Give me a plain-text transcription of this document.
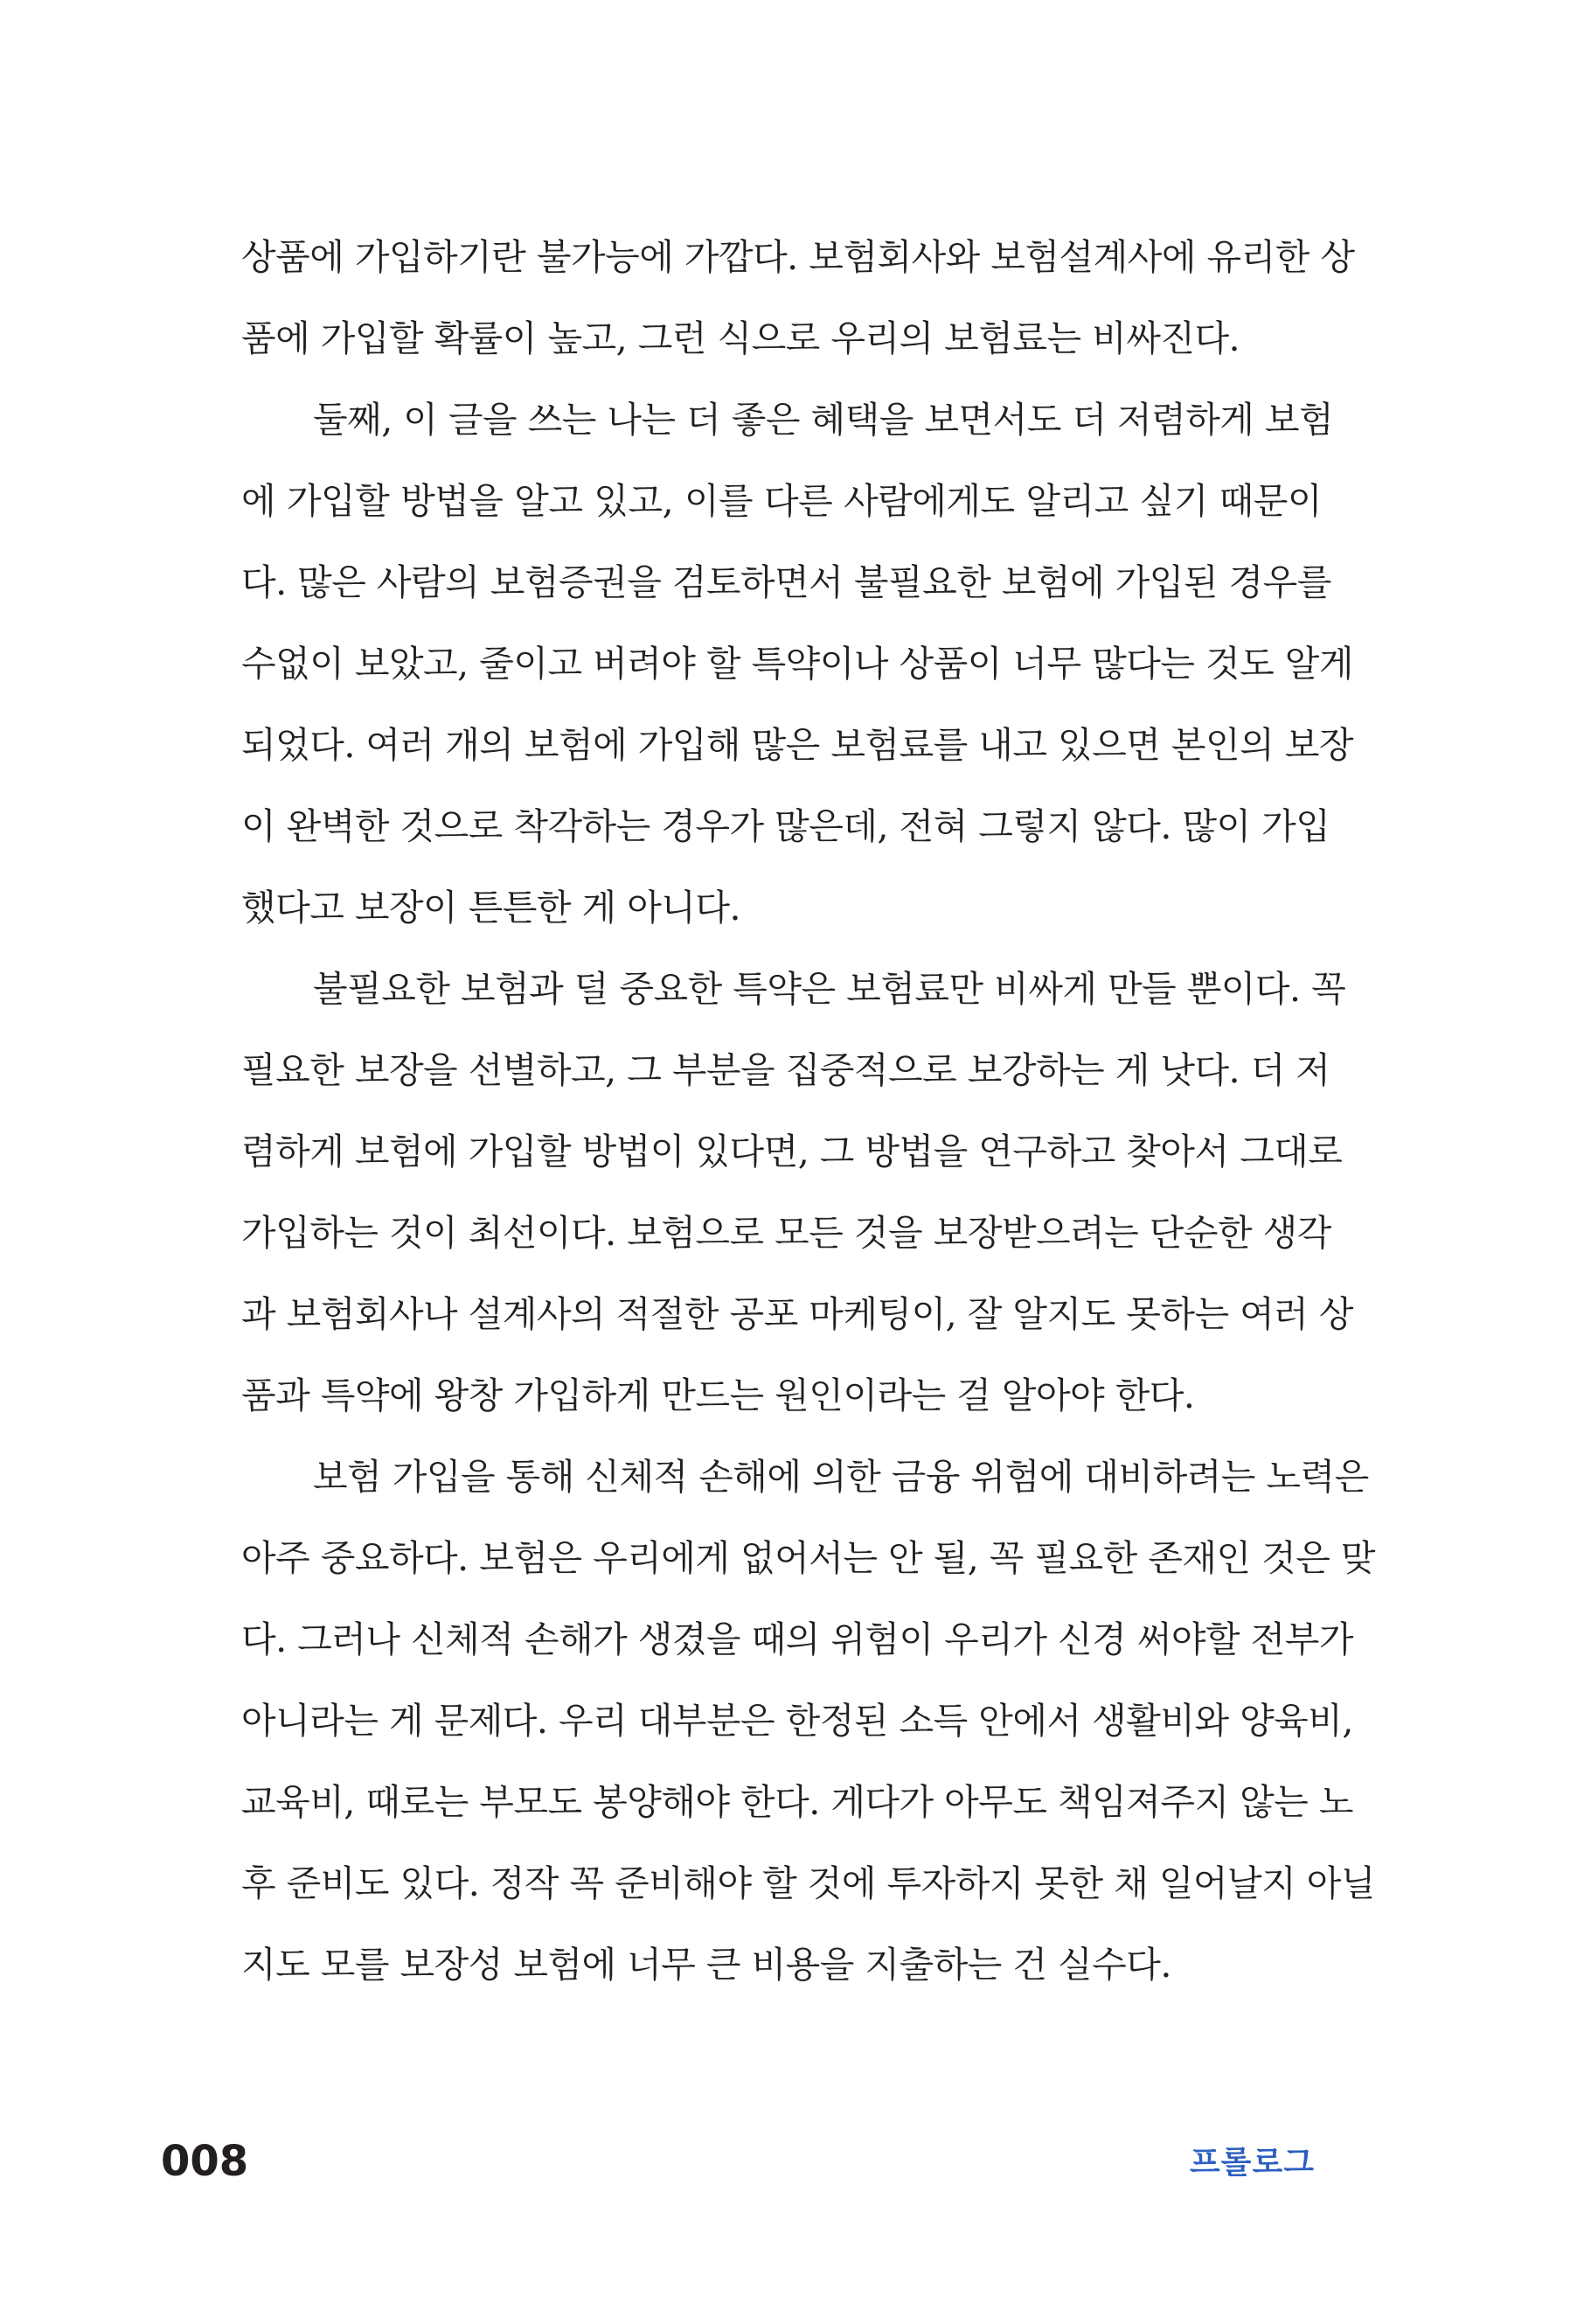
상품에 가입하기란 불가능에 가깝다. 보험회사와 보험설계사에 유리한 상
품에 가입할 확률이 높고, 그런 식으로 우리의 보험료는 비싸진다.
둘째, 이 글을 쓰는 나는 더 좋은 혜택을 보면서도 더 저렴하게 보험
에 가입할 방법을 알고 있고, 이를 다른 사람에게도 알리고 싶기 때문이
다. 많은 사람의 보험증권을 검토하면서 불필요한 보험에 가입된 경우를
수없이 보았고, 줄이고 버려야 할 특약이나 상품이 너무 많다는 것도 알게
되었다. 여러 개의 보험에 가입해 많은 보험료를 내고 있으면 본인의 보장
이 완벽한 것으로 착각하는 경우가 많은데, 전혀 그렇지 않다. 많이 가입
했다고 보장이 튼튼한 게 아니다.
불필요한 보험과 덜 중요한 특약은 보험료만 비싸게 만들 뿐이다. 꼭
필요한 보장을 선별하고, 그 부분을 집중적으로 보강하는 게 낫다. 더 저
렴하게 보험에 가입할 방법이 있다면, 그 방법을 연구하고 찾아서 그대로
가입하는 것이 최선이다. 보험으로 모든 것을 보장받으려는 단순한 생각
과 보험회사나 설계사의 적절한 공포 마케팅이, 잘 알지도 못하는 여러 상
품과 특약에 왕창 가입하게 만드는 원인이라는 걸 알아야 한다.
보험 가입을 통해 신체적 손해에 의한 금융 위험에 대비하려는 노력은
아주 중요하다. 보험은 우리에게 없어서는 안 될, 꼭 필요한 존재인 것은 맞
다. 그러나 신체적 손해가 생겼을 때의 위험이 우리가 신경 써야할 전부가
아니라는 게 문제다. 우리 대부분은 한정된 소득 안에서 생활비와 양육비,
교육비, 때로는 부모도 봉양해야 한다. 게다가 아무도 책임져주지 않는 노
후 준비도 있다. 정작 꼭 준비해야 할 것에 투자하지 못한 채 일어날지 아닐
지도 모를 보장성 보험에 너무 큰 비용을 지출하는 건 실수다.
008	프롤로그
